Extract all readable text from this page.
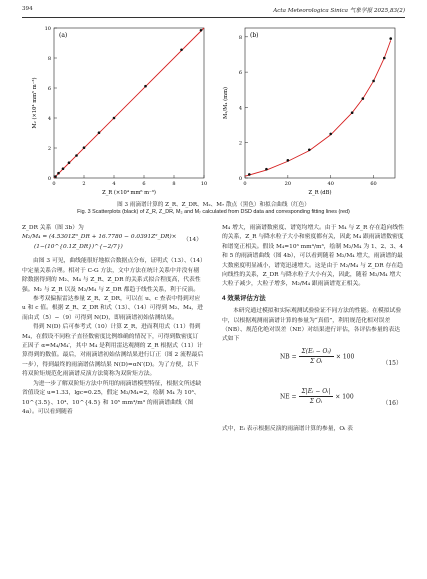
394	Acta Meteorologica Sinica 气象学报 2025,83(2)
(a)
Z_R (×10⁴ mm⁶ m⁻³)
M₂ (×10⁴ mm⁵ m⁻³)
0	2	4	6	8	10
0
2
4
6
8
10
(b)
Z_R (dB)
M₂/M₄ (mm)
0	20	40	60
0
2
4
6
8
图 3 雨滴谱计算的 Z_R、Z_DR、M₂、M₇ 散点（黑色）和拟合曲线（红色）
Fig. 3 Scatterplots (black) of Z_R, Z_DR, M₂ and M₇ calculated from DSD data and corresponding fitting lines (red)

Z_DR 关系（图 3b）为

M₂/M₄ = (4.5301Z³_DR + 16.7780 − 0.0391Z²_DR)×
(1−(10^{0.1Z_DR})^{−2/7})
（14）

由图 3 可见，曲线能很好地拟合数据点分布，证明式（13）、（14）中定量关系合理。相对于 C-G 方法，文中方法在统计关系中并没有剔除数据得到的 M₂、M₄ 与 Z_R、Z_DR 的关系式拟合程度高，代表性强。M₂ 与 Z_R 以及 M₂/M₄ 与 Z_DR 都趋于线性关系，利于反演。

参考双偏振雷达参量 Z_R、Z_DR，可以在 u、c 查表中得到对应 u 和 c 值。根据 Z_R、Z_DR 和式（13）、（14）可得到 M₂、M₄，进而由式（5）−（9）可得到 N(D)，即雨滴谱初始估测结果。

得到 N(D) 后可参考式（10）计算 Z_R，进而利用式（11）得到 M₄，在假设不同粒子直径数密度比例维确的情况下，可得到数密度订正因子 α=M₄/M₄′，其中 M₄ 是利用雷达观测的 Z_R 根据式（11）计算得到的数值。最后，对雨滴谱初始估测结果进行订正（图 2 流程最后一步），得到最终的雨滴谱估测结果 N(D)=αN′(D)。为了方便，以下将双阶矩规范化雨滴谱反演方法简称为双阶矩方法。

为进一步了解双阶矩方法中所用的雨滴谱模型特征，根据文所述缺省值设定 u=1.33，lgc=0.25，假定 M₂/M₄=2，绘制 M₄ 为 10³、10^{3.5}、10⁴、10^{4.5} 和 10⁵ mm⁴/m³ 的雨滴谱曲线（图 4a）。可以看到随着

M₄ 增大，雨滴谱数密度、谱宽均增大。由于 M₄ 与 Z_R 存在趋向线性的关系，Z_R 与降水粒子大小和密度都有关，因此 M₄ 跟雨滴谱数密度和谱宽正相关。假设 M₄=10³ mm⁴/m³，绘制 M₂/M₄ 为 1、2、3、4 和 5 的雨滴谱曲线（图 4b），可以看到随着 M₂/M₄ 增大，雨滴谱的最大数密度明显减小，谱宽迅速增大。这是由于 M₂/M₄ 与 Z_DR 存在趋向线性的关系，Z_DR 与降水粒子大小有关，因此，随着 M₂/M₄ 增大大粒子减少，大粒子增多，M₂/M₄ 跟雨滴谱宽正相关。

4 效果评估方法

本研究通过模拟和实际观测试验验证不同方法的性能。在模拟试验中，以根据观测雨滴谱计算的参量为“真值”，利用规范化相对误差（NB）、规范化绝对误差（NE）对结果进行评估，各评估参量的表达式如下

NB = $\frac{\text{Σ(Eᵢ − Oᵢ)}}{\text{Σ Oᵢ}} \times 100$
（15）
NE = $\frac{\text{Σ|Eᵢ − Oᵢ|}}{\text{Σ Oᵢ}} \times 100$
（16）

式中，Eᵢ 表示根据反演的雨滴谱计算的参量，Oᵢ 表
